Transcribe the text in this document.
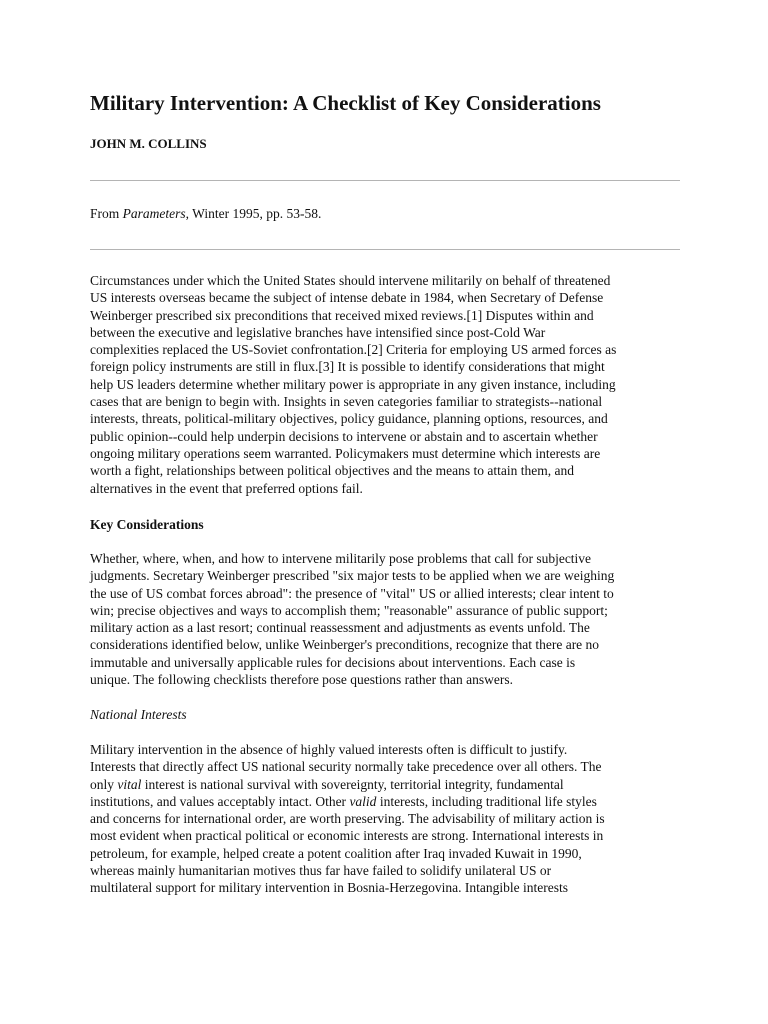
Military Intervention: A Checklist of Key Considerations

JOHN M. COLLINS

From Parameters, Winter 1995, pp. 53-58.

Circumstances under which the United States should intervene militarily on behalf of threatened
US interests overseas became the subject of intense debate in 1984, when Secretary of Defense
Weinberger prescribed six preconditions that received mixed reviews.[1] Disputes within and
between the executive and legislative branches have intensified since post-Cold War
complexities replaced the US-Soviet confrontation.[2] Criteria for employing US armed forces as
foreign policy instruments are still in flux.[3] It is possible to identify considerations that might
help US leaders determine whether military power is appropriate in any given instance, including
cases that are benign to begin with. Insights in seven categories familiar to strategists--national
interests, threats, political-military objectives, policy guidance, planning options, resources, and
public opinion--could help underpin decisions to intervene or abstain and to ascertain whether
ongoing military operations seem warranted. Policymakers must determine which interests are
worth a fight, relationships between political objectives and the means to attain them, and
alternatives in the event that preferred options fail.

Key Considerations

Whether, where, when, and how to intervene militarily pose problems that call for subjective
judgments. Secretary Weinberger prescribed "six major tests to be applied when we are weighing
the use of US combat forces abroad": the presence of "vital" US or allied interests; clear intent to
win; precise objectives and ways to accomplish them; "reasonable" assurance of public support;
military action as a last resort; continual reassessment and adjustments as events unfold. The
considerations identified below, unlike Weinberger's preconditions, recognize that there are no
immutable and universally applicable rules for decisions about interventions. Each case is
unique. The following checklists therefore pose questions rather than answers.

National Interests

Military intervention in the absence of highly valued interests often is difficult to justify.
Interests that directly affect US national security normally take precedence over all others. The
only vital interest is national survival with sovereignty, territorial integrity, fundamental
institutions, and values acceptably intact. Other valid interests, including traditional life styles
and concerns for international order, are worth preserving. The advisability of military action is
most evident when practical political or economic interests are strong. International interests in
petroleum, for example, helped create a potent coalition after Iraq invaded Kuwait in 1990,
whereas mainly humanitarian motives thus far have failed to solidify unilateral US or
multilateral support for military intervention in Bosnia-Herzegovina. Intangible interests
